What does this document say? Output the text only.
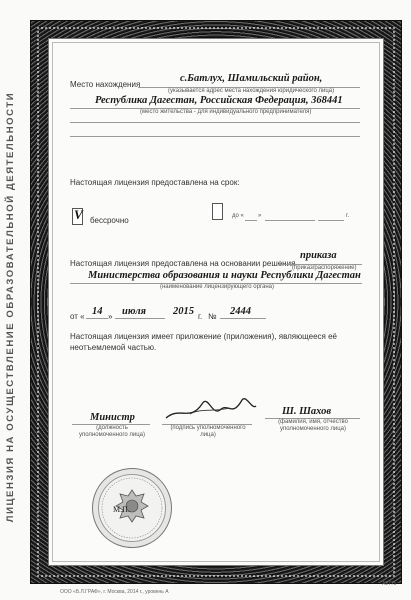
ЛИЦЕНЗИЯ НА ОСУЩЕСТВЛЕНИЕ ОБРАЗОВАТЕЛЬНОЙ ДЕЯТЕЛЬНОСТИ
Место нахождения
с.Батлух, Шамильский район,
(указывается адрес места нахождения юридического лица)
Республика Дагестан, Российская Федерация, 368441
(место жительства - для индивидуального предпринимателя)
Настоящая лицензия предоставлена на срок:
V бессрочно	до « »	г.
Настоящая лицензия предоставлена на основании решения
приказа
(приказ/распоряжение)
Министерства образования и науки Республики Дагестан
(наименование лицензирующего органа)
от « 14 » июля	2015 г. № 2444
Настоящая лицензия имеет приложение (приложения), являющееся её неотъемлемой частью.
Министр
(должность уполномоченного лица)
(подпись уполномоченного лица)
Ш. Шахов
(фамилия, имя, отчество уполномоченного лица)
М.П.
ООО «Б.Л.ГРАФ», г. Москва, 2014 г., уровень А
А2775
